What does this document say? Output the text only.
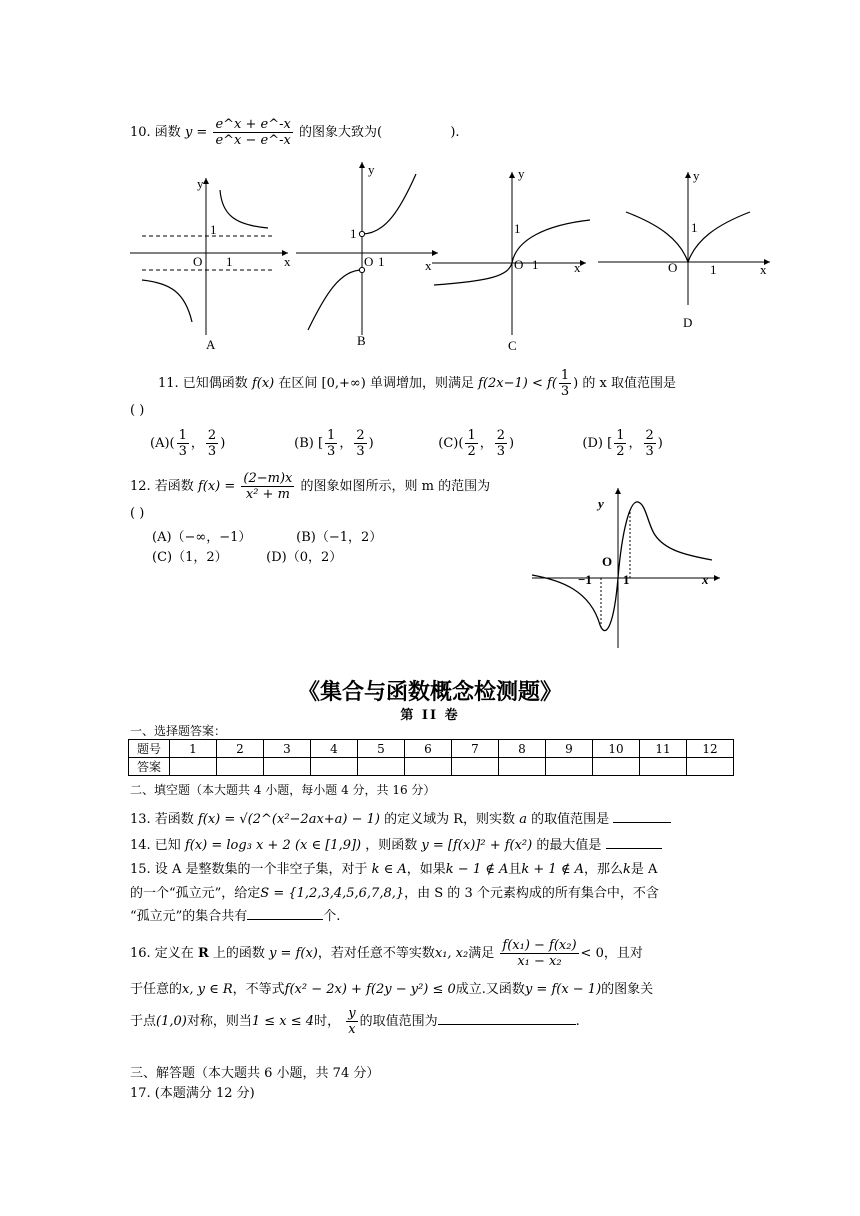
10. 函数 $y = \frac{e\^{}x + e\^{}-x}{e\^{}x - e\^{}-x}$ 的图象大致为(	).
y
x
O 1
1
A
y
x
O 1
1
B
y
x
O 1
1
C
y
x
O	1
1
D
11. 已知偶函数 f(x) 在区间 [0,+∞) 单调增加，则满足 $f(2x-1) < f( \frac{1}{3}$ ) 的 x 取值范围是
( )
$(A)( \frac{1}{3}$ ， $\frac{2}{3}$ )	(B) [ $\frac{1}{3}$ ， $\frac{2}{3}$ )	$(C)( \frac{1}{2}$ ， $\frac{2}{3}$ )	(D) [ $\frac{1}{2}$ ， $\frac{2}{3}$ )
12. 若函数 $f(x) = \frac{(2-m)x}{\text{x² + m}}$ 的图象如图所示，则 m 的范围为
( )
(A)（−∞，−1）	(B)（−1，2）
(C)（1，2）	(D)（0，2）
y
x
O
−1 1
《集合与函数概念检测题》
第 II 卷
一、选择题答案：
题号	1	2	3	4	5	6	7	8	9	10	11	12
答案												
二、填空题（本大题共 4 小题，每小题 4 分，共 16 分）
13. 若函数 f(x) = √(2^(x²−2ax+a) − 1) 的定义域为 R，则实数 a 的取值范围是
14. 已知 f(x) = log₃ x + 2 (x ∈ [1,9]) ，则函数 y = [f(x)]² + f(x²) 的最大值是
15. 设 A 是整数集的一个非空子集，对于 k ∈ A，如果k − 1 ∉ A且k + 1 ∉ A，那么k是 A
的一个“孤立元”，给定S = {1,2,3,4,5,6,7,8,}，由 S 的 3 个元素构成的所有集合中，不含
“孤立元”的集合共有	个.
16. 定义在 R 上的函数 y = f(x)，若对任意不等实数x₁, x₂满足 $\frac{\text{f(x₁) − f(x₂)}}{\text{x₁ − x₂}} < 0$，且对
于任意的x, y ∈ R，不等式f(x² − 2x) + f(2y − y²) ≤ 0成立.又函数y = f(x − 1)的图象关
于点(1,0)对称，则当1 ≤ x ≤ 4时， $\frac{y}{x}$ 的取值范围为	.
三、解答题（本大题共 6 小题，共 74 分）
17. (本题满分 12 分)
